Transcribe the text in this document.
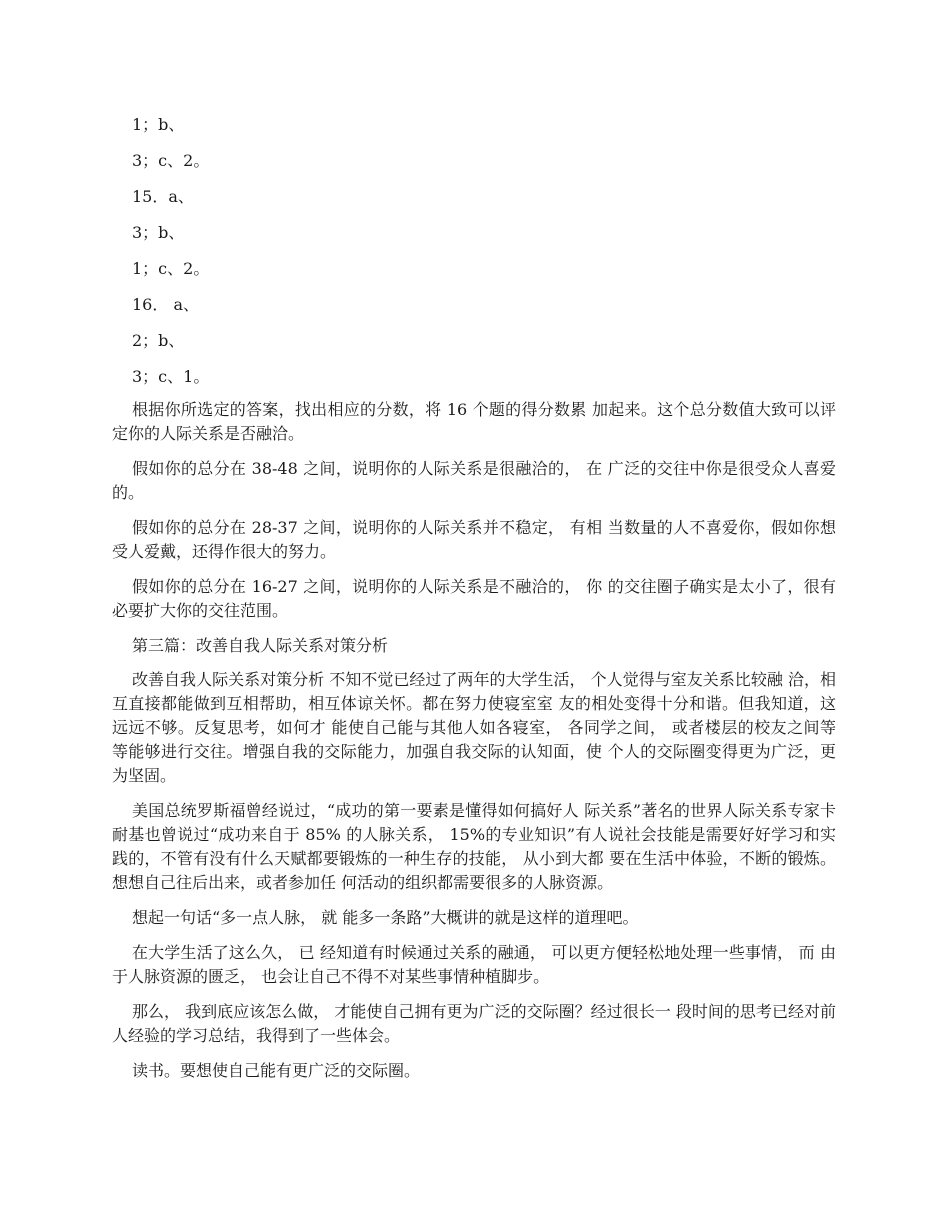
1；b、

3；c、2。

15．a、

3；b、

1；c、2。

16． a、

2；b、

3；c、1。

根据你所选定的答案，找出相应的分数，将 16 个题的得分数累 加起来。这个总分数值大致可以评定你的人际关系是否融洽。

假如你的总分在 38-48 之间，说明你的人际关系是很融洽的， 在 广泛的交往中你是很受众人喜爱的。

假如你的总分在 28-37 之间，说明你的人际关系并不稳定， 有相 当数量的人不喜爱你，假如你想受人爱戴，还得作很大的努力。

假如你的总分在 16-27 之间，说明你的人际关系是不融洽的， 你 的交往圈子确实是太小了，很有必要扩大你的交往范围。

第三篇：改善自我人际关系对策分析

改善自我人际关系对策分析 不知不觉已经过了两年的大学生活， 个人觉得与室友关系比较融 洽，相互直接都能做到互相帮助，相互体谅关怀。都在努力使寝室室 友的相处变得十分和谐。但我知道，这远远不够。反复思考，如何才 能使自己能与其他人如各寝室， 各同学之间， 或者楼层的校友之间等 等能够进行交往。增强自我的交际能力，加强自我交际的认知面，使 个人的交际圈变得更为广泛，更为坚固。

美国总统罗斯福曾经说过，“成功的第一要素是懂得如何搞好人 际关系”著名的世界人际关系专家卡耐基也曾说过“成功来自于 85% 的人脉关系， 15%的专业知识”有人说社会技能是需要好好学习和实 践的，不管有没有什么天赋都要锻炼的一种生存的技能， 从小到大都 要在生活中体验，不断的锻炼。想想自己往后出来，或者参加任 何活动的组织都需要很多的人脉资源。

想起一句话“多一点人脉， 就 能多一条路”大概讲的就是这样的道理吧。

在大学生活了这么久， 已 经知道有时候通过关系的融通， 可以更方便轻松地处理一些事情， 而 由于人脉资源的匮乏， 也会让自己不得不对某些事情种植脚步。

那么， 我到底应该怎么做， 才能使自己拥有更为广泛的交际圈？经过很长一 段时间的思考已经对前人经验的学习总结，我得到了一些体会。

读书。要想使自己能有更广泛的交际圈。
